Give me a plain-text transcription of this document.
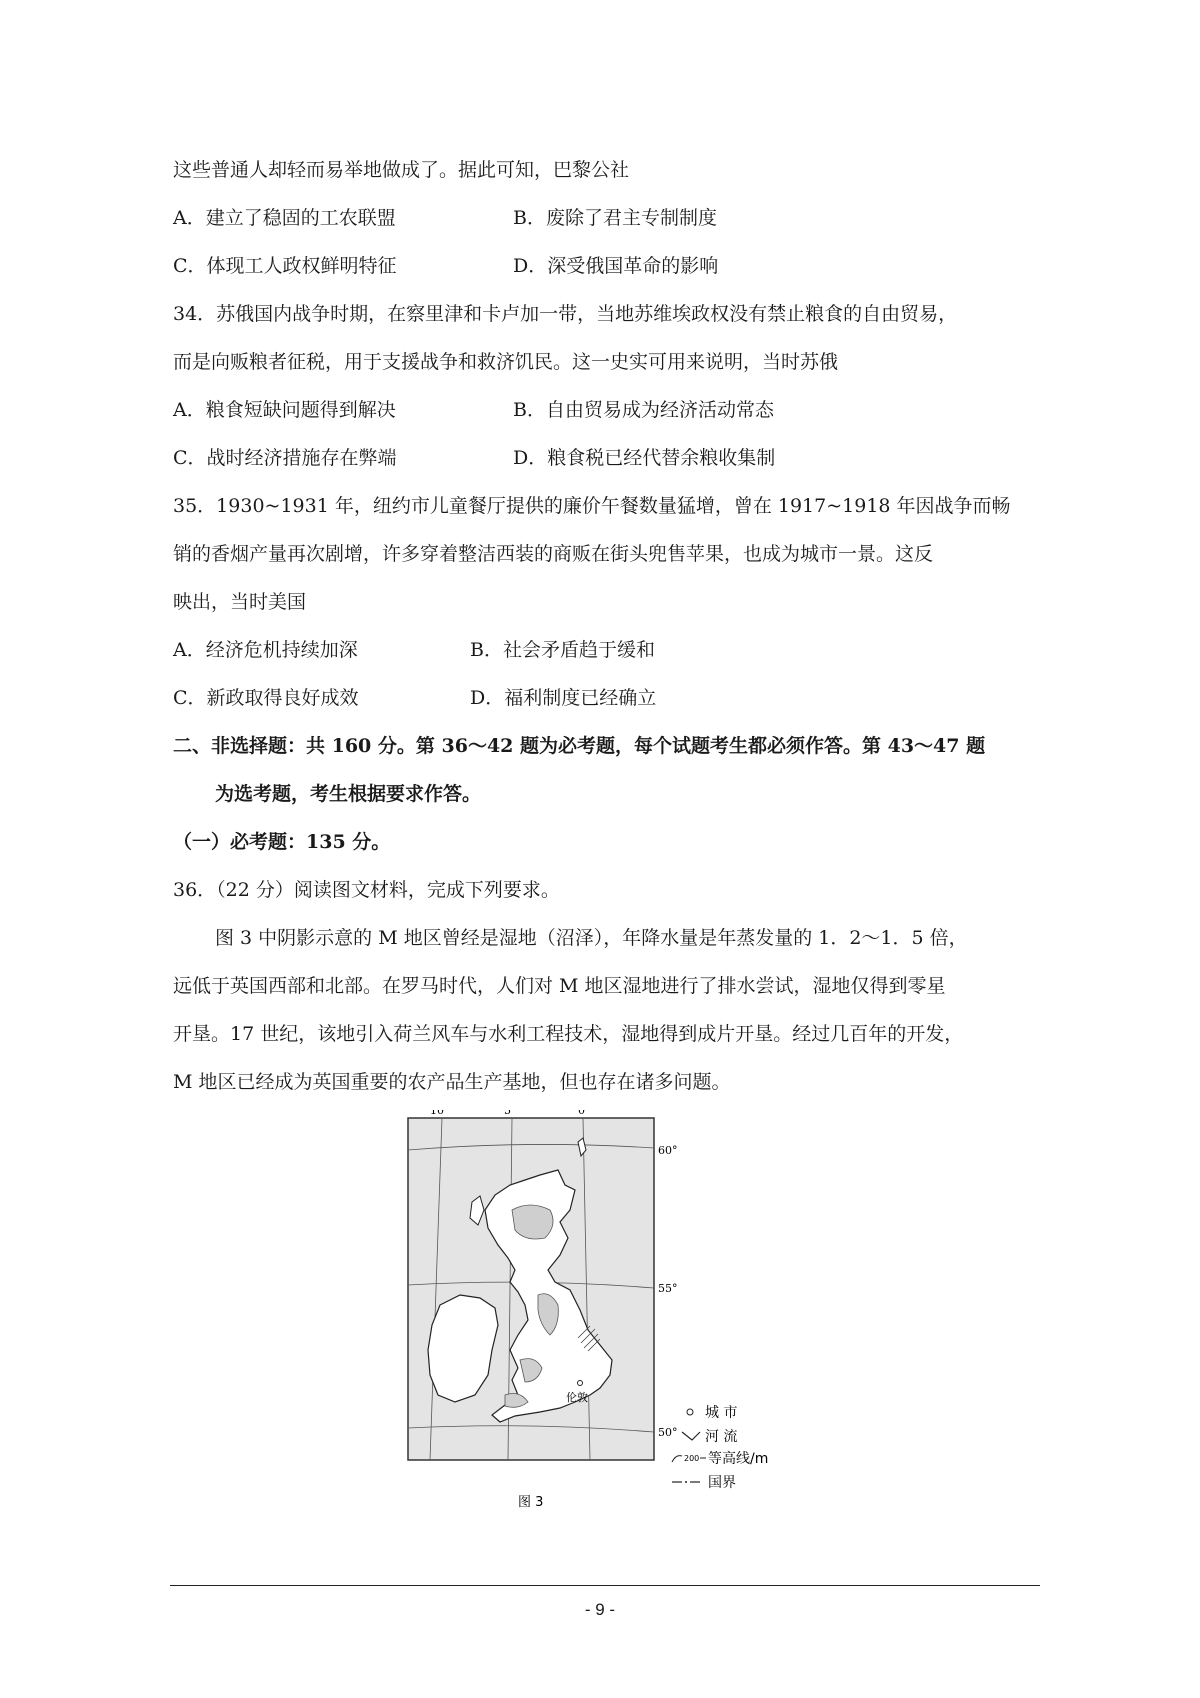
这些普通人却轻而易举地做成了。据此可知，巴黎公社
A．建立了稳固的工农联盟	B．废除了君主专制制度
C．体现工人政权鲜明特征	D．深受俄国革命的影响
34．苏俄国内战争时期，在察里津和卡卢加一带，当地苏维埃政权没有禁止粮食的自由贸易，
而是向贩粮者征税，用于支援战争和救济饥民。这一史实可用来说明，当时苏俄
A．粮食短缺问题得到解决	B．自由贸易成为经济活动常态
C．战时经济措施存在弊端	D．粮食税已经代替余粮收集制
35．1930~1931 年，纽约市儿童餐厅提供的廉价午餐数量猛增，曾在 1917~1918 年因战争而畅
销的香烟产量再次剧增，许多穿着整洁西装的商贩在街头兜售苹果，也成为城市一景。这反
映出，当时美国
A．经济危机持续加深	B．社会矛盾趋于缓和
C．新政取得良好成效	D．福利制度已经确立
二、非选择题：共 160 分。第 36～42 题为必考题，每个试题考生都必须作答。第 43～47 题
为选考题，考生根据要求作答。
（一）必考题：135 分。
36．（22 分）阅读图文材料，完成下列要求。
图 3 中阴影示意的 M 地区曾经是湿地（沼泽），年降水量是年蒸发量的 1．2～1．5 倍，
远低于英国西部和北部。在罗马时代，人们对 M 地区湿地进行了排水尝试，湿地仅得到零星
开垦。17 世纪，该地引入荷兰风车与水利工程技术，湿地得到成片开垦。经过几百年的开发，
M 地区已经成为英国重要的农产品生产基地，但也存在诸多问题。
伦敦
10°	5°	0°
60°
55°
50°
城 市
河 流
200 等高线/m
国界
图 3
- 9 -
